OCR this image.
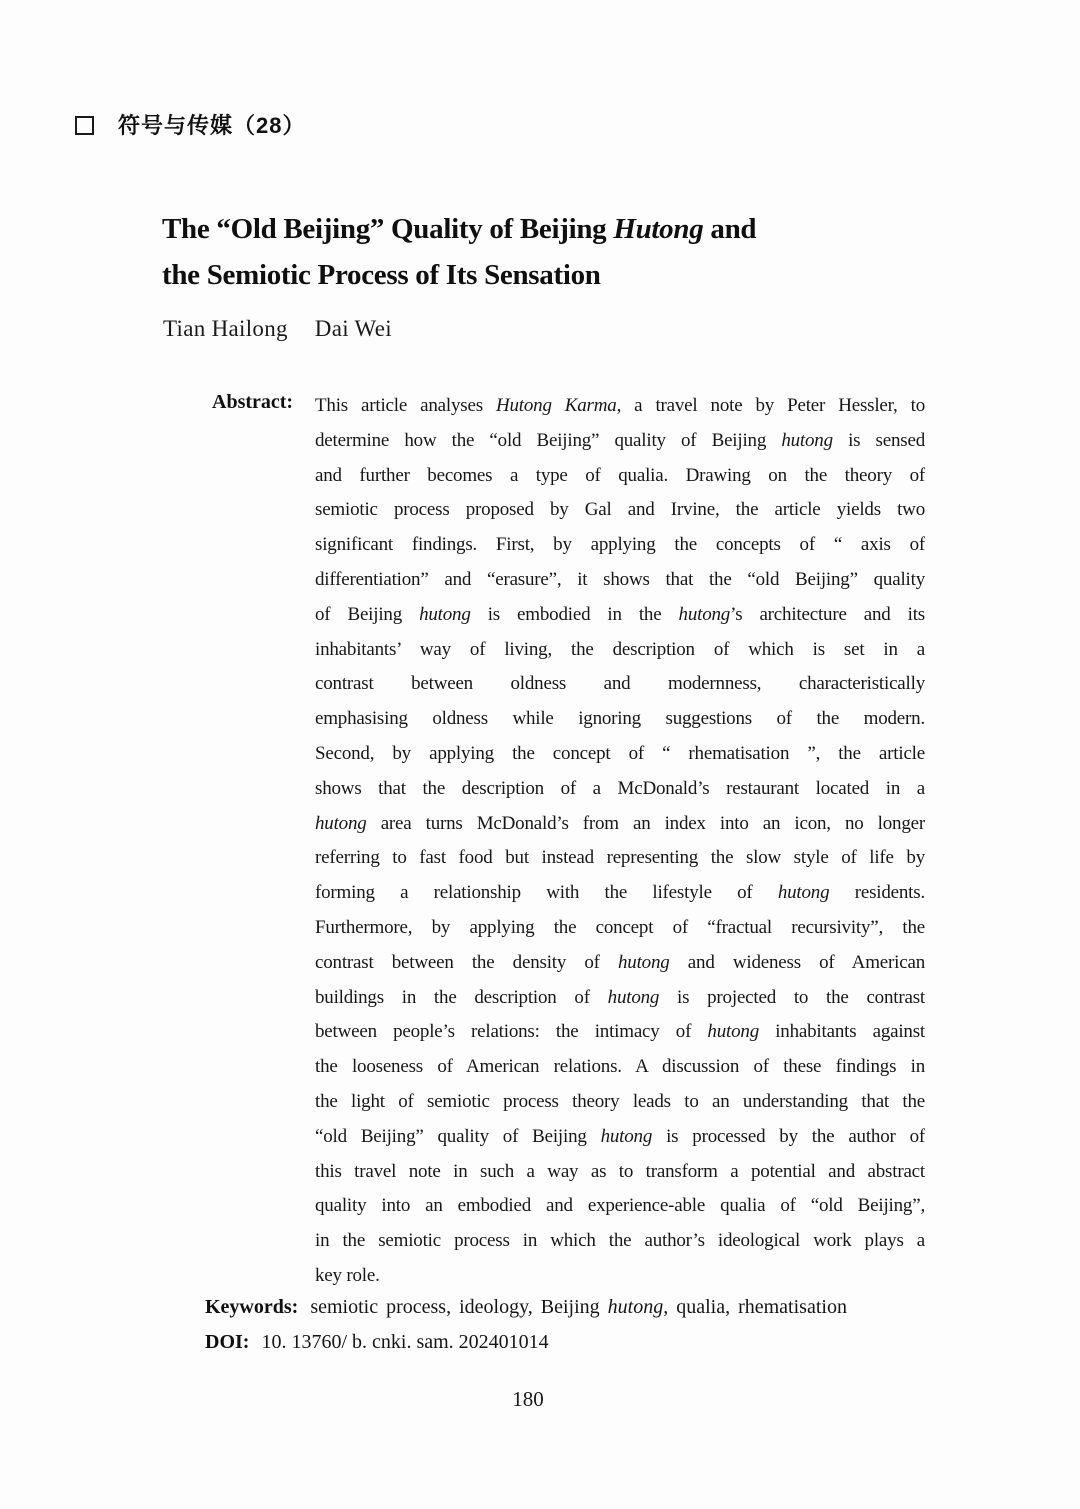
符号与传媒（28）
The “Old Beijing” Quality of Beijing Hutong and
the Semiotic Process of Its Sensation
Tian Hailong Dai Wei
Abstract: This article analyses Hutong Karma, a travel note by Peter Hessler, to
determine how the “old Beijing” quality of Beijing hutong is sensed
and further becomes a type of qualia. Drawing on the theory of
semiotic process proposed by Gal and Irvine, the article yields two
significant findings. First, by applying the concepts of “ axis of
differentiation” and “erasure”, it shows that the “old Beijing” quality
of Beijing hutong is embodied in the hutong’s architecture and its
inhabitants’ way of living, the description of which is set in a
contrast between oldness and modernness, characteristically
emphasising oldness while ignoring suggestions of the modern.
Second, by applying the concept of “ rhematisation ”, the article
shows that the description of a McDonald’s restaurant located in a
hutong area turns McDonald’s from an index into an icon, no longer
referring to fast food but instead representing the slow style of life by
forming a relationship with the lifestyle of hutong residents.
Furthermore, by applying the concept of “fractual recursivity”, the
contrast between the density of hutong and wideness of American
buildings in the description of hutong is projected to the contrast
between people’s relations: the intimacy of hutong inhabitants against
the looseness of American relations. A discussion of these findings in
the light of semiotic process theory leads to an understanding that the
“old Beijing” quality of Beijing hutong is processed by the author of
this travel note in such a way as to transform a potential and abstract
quality into an embodied and experience-able qualia of “old Beijing”,
in the semiotic process in which the author’s ideological work plays a
key role.
Keywords: semiotic process, ideology, Beijing hutong, qualia, rhematisation
DOI: 10. 13760/ b. cnki. sam. 202401014
180
